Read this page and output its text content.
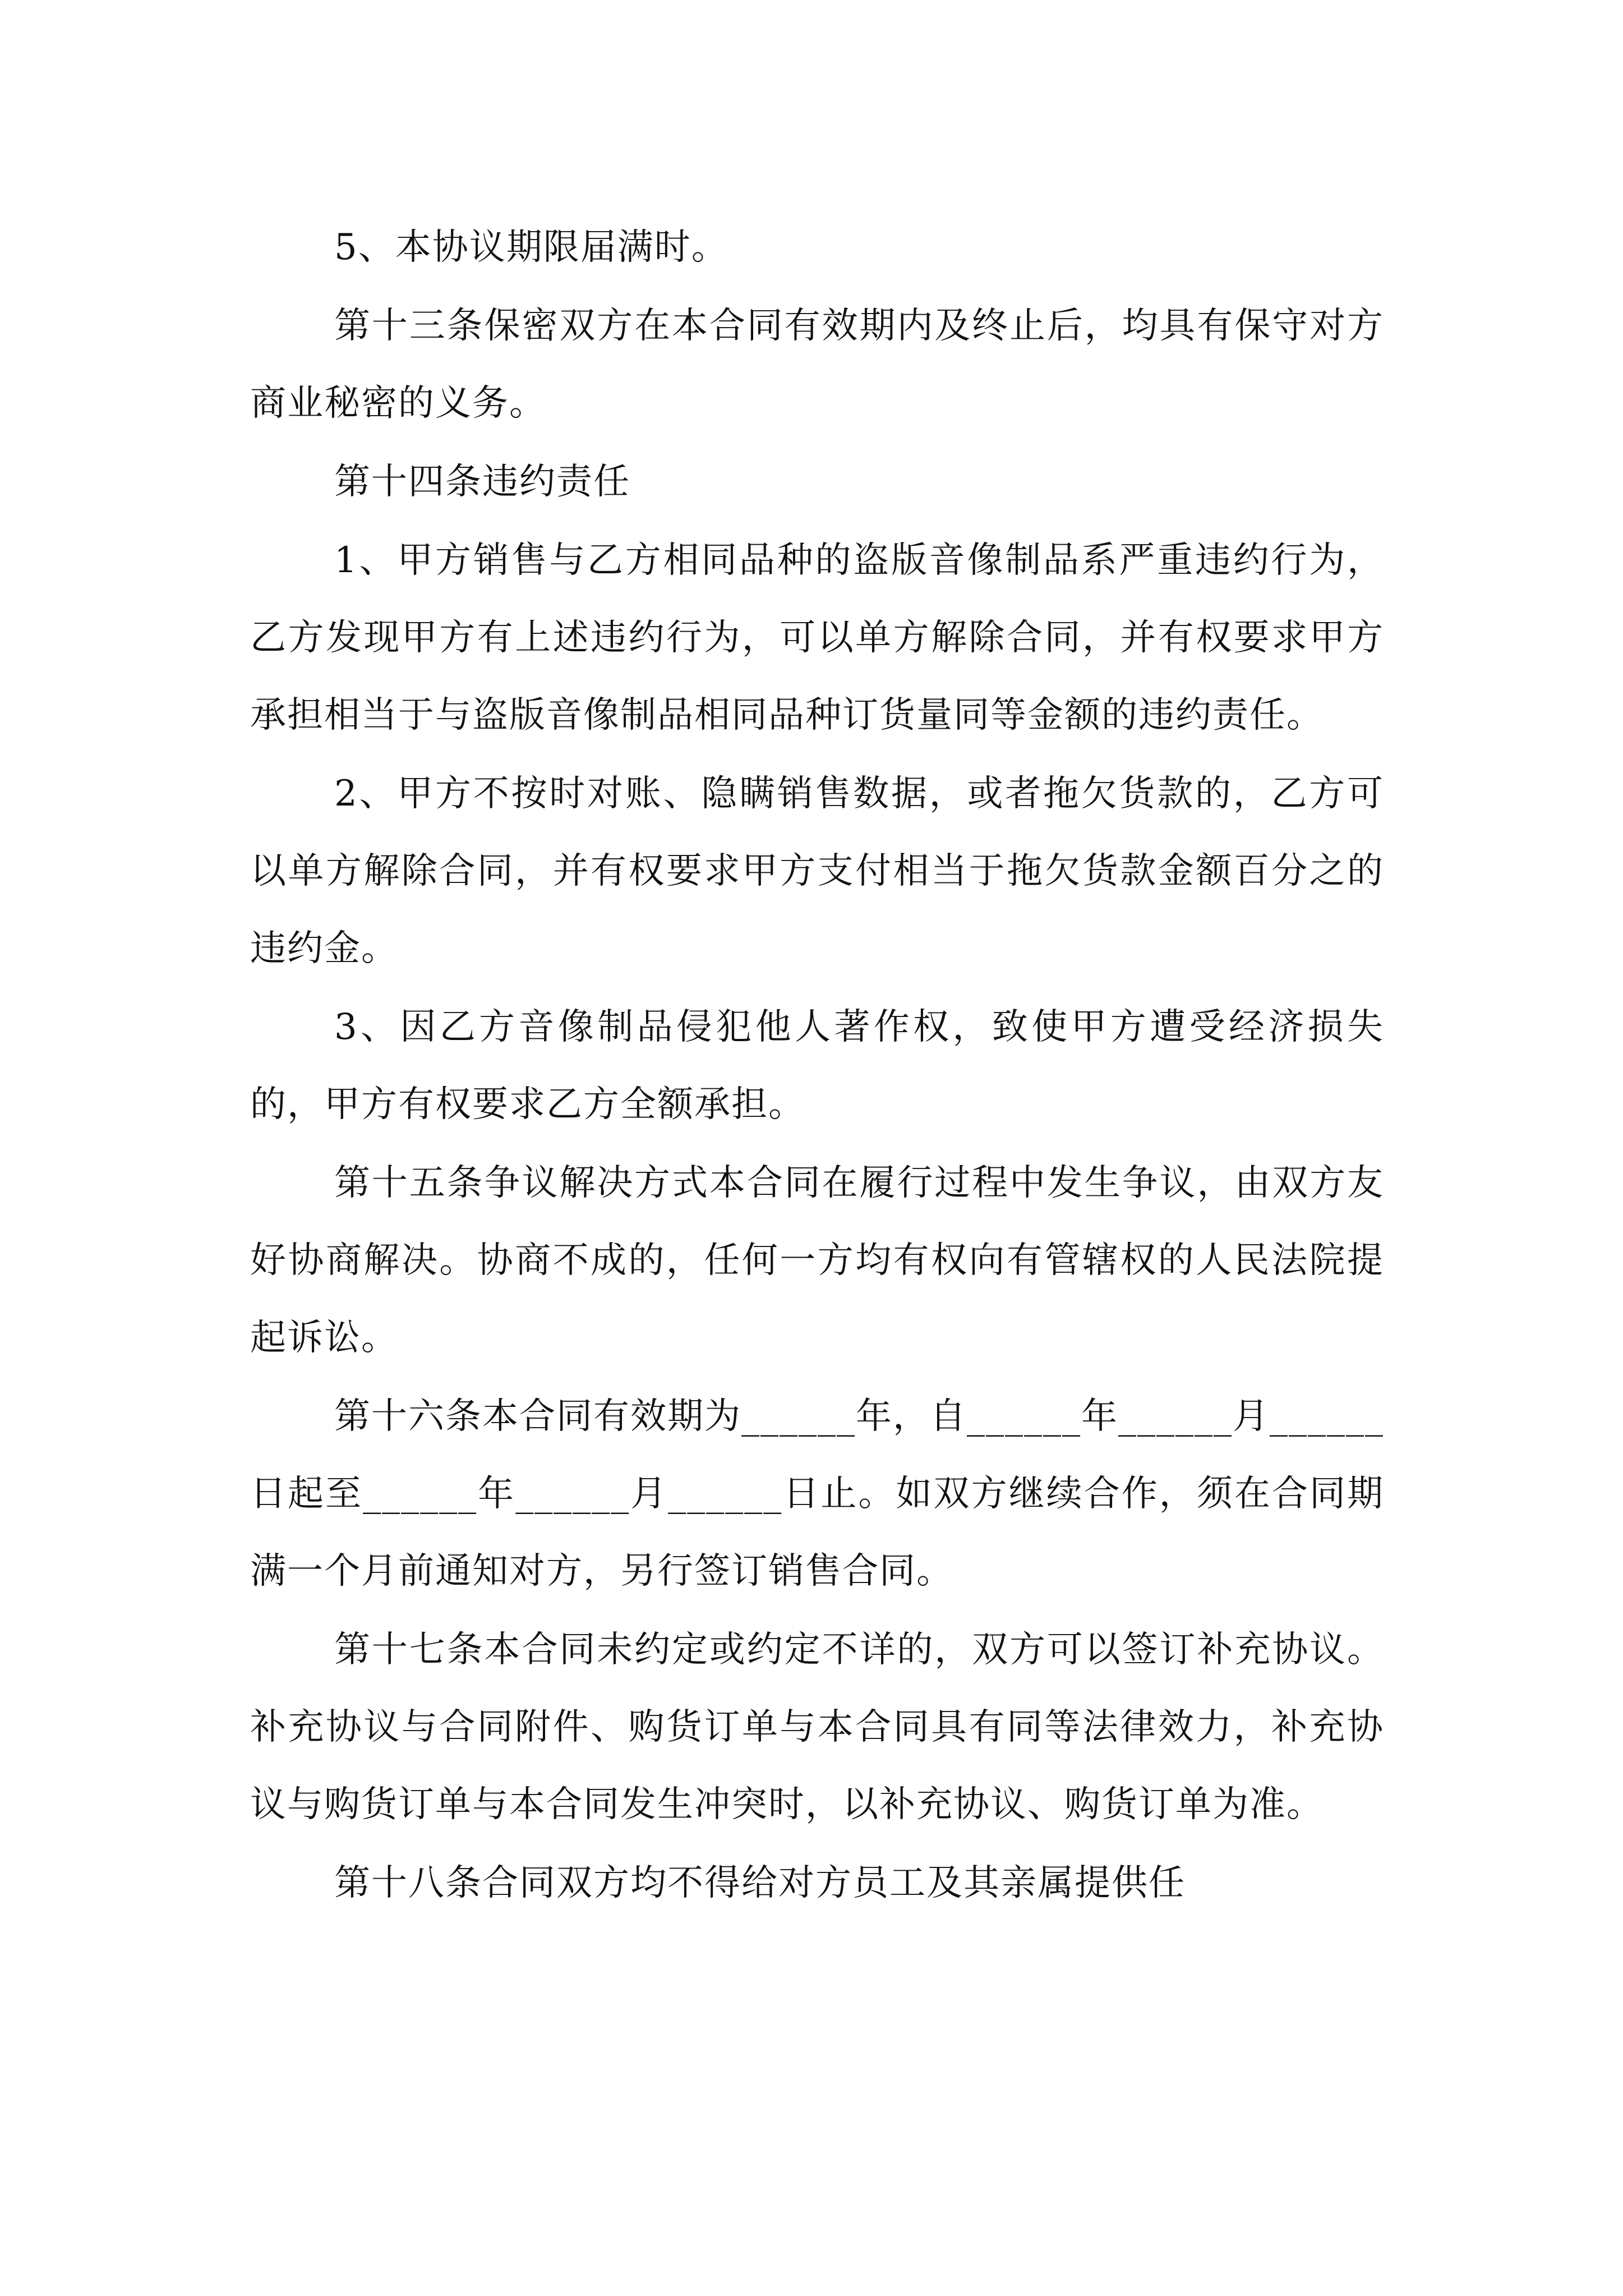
5、本协议期限届满时。

第十三条保密双方在本合同有效期内及终止后，均具有保守对方商业秘密的义务。

第十四条违约责任

1、甲方销售与乙方相同品种的盗版音像制品系严重违约行为，乙方发现甲方有上述违约行为，可以单方解除合同，并有权要求甲方承担相当于与盗版音像制品相同品种订货量同等金额的违约责任。

2、甲方不按时对账、隐瞒销售数据，或者拖欠货款的，乙方可以单方解除合同，并有权要求甲方支付相当于拖欠货款金额百分之的违约金。

3、因乙方音像制品侵犯他人著作权，致使甲方遭受经济损失的，甲方有权要求乙方全额承担。

第十五条争议解决方式本合同在履行过程中发生争议，由双方友好协商解决。协商不成的，任何一方均有权向有管辖权的人民法院提起诉讼。

第十六条本合同有效期为______年，自______年______月______日起至______年______月______日止。如双方继续合作，须在合同期满一个月前通知对方，另行签订销售合同。

第十七条本合同未约定或约定不详的，双方可以签订补充协议。补充协议与合同附件、购货订单与本合同具有同等法律效力，补充协议与购货订单与本合同发生冲突时，以补充协议、购货订单为准。

第十八条合同双方均不得给对方员工及其亲属提供任
